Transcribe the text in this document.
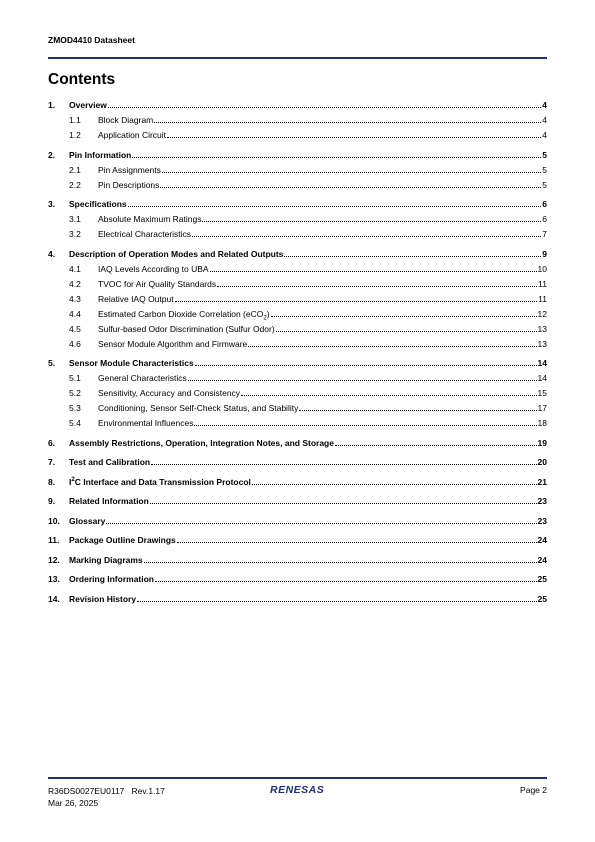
ZMOD4410 Datasheet
Contents
1.	Overview	4
1.1	Block Diagram	4
1.2	Application Circuit	4
2.	Pin Information	5
2.1	Pin Assignments	5
2.2	Pin Descriptions	5
3.	Specifications	6
3.1	Absolute Maximum Ratings	6
3.2	Electrical Characteristics	7
4.	Description of Operation Modes and Related Outputs	9
4.1	IAQ Levels According to UBA	10
4.2	TVOC for Air Quality Standards	11
4.3	Relative IAQ Output	11
4.4	Estimated Carbon Dioxide Correlation (eCO$_2$)	12
4.5	Sulfur-based Odor Discrimination (Sulfur Odor)	13
4.6	Sensor Module Algorithm and Firmware	13
5.	Sensor Module Characteristics	14
5.1	General Characteristics	14
5.2	Sensitivity, Accuracy and Consistency	15
5.3	Conditioning, Sensor Self-Check Status, and Stability	17
5.4	Environmental Influences	18
6.	Assembly Restrictions, Operation, Integration Notes, and Storage	19
7.	Test and Calibration	20
8.	$I^2C$ Interface and Data Transmission Protocol	21
9.	Related Information	23
10.	Glossary	23
11.	Package Outline Drawings	24
12.	Marking Diagrams	24
13.	Ordering Information	25
14.	Revision History	25
R36DS0027EU0117 Rev.1.17
Mar 26, 2025
RENESAS	Page 2
